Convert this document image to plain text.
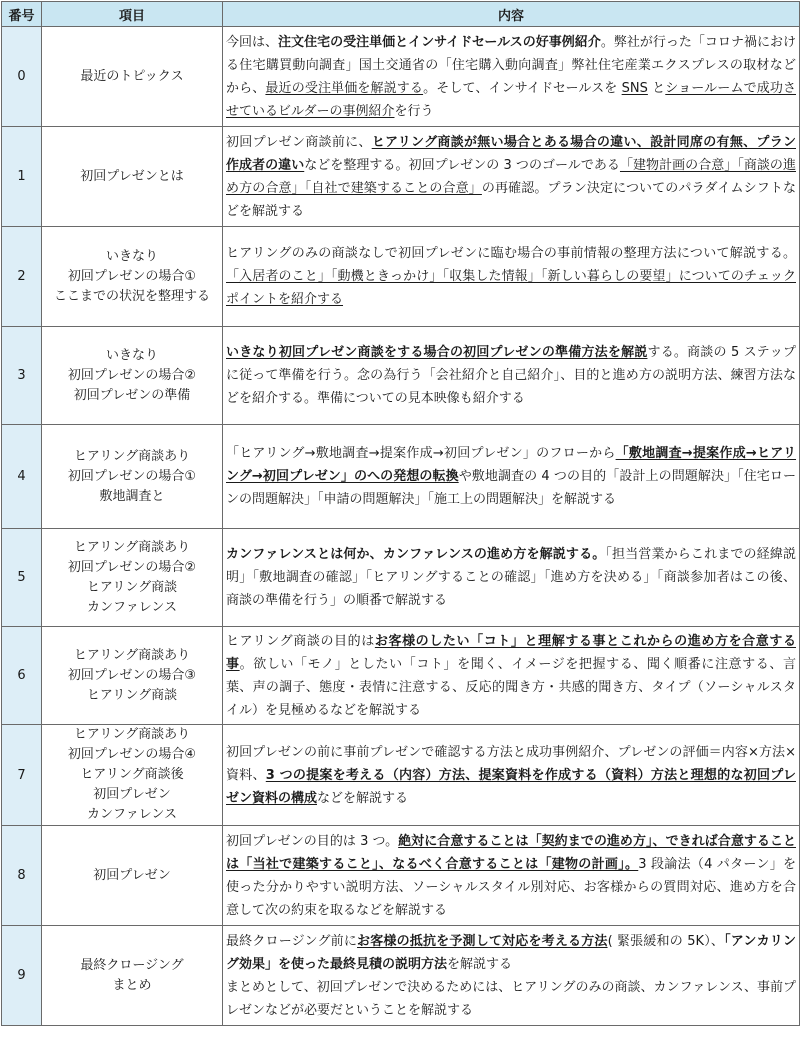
番号	項目	内容
0	最近のトピックス	今回は、注文住宅の受注単価とインサイドセールスの好事例紹介。弊社が行った「コロナ禍における住宅購買動向調査」国土交通省の「住宅購入動向調査」弊社住宅産業エクスプレスの取材などから、最近の受注単価を解説する。そして、インサイドセールスを SNS とショールームで成功させているビルダーの事例紹介を行う
1	初回プレゼンとは	初回プレゼン商談前に、ヒアリング商談が無い場合とある場合の違い、設計同席の有無、プラン作成者の違いなどを整理する。初回プレゼンの 3 つのゴールである「建物計画の合意」「商談の進め方の合意」「自社で建築することの合意」の再確認。プラン決定についてのパラダイムシフトなどを解説する
2	いきなり
初回プレゼンの場合①
ここまでの状況を整理する	ヒアリングのみの商談なしで初回プレゼンに臨む場合の事前情報の整理方法について解説する。「入居者のこと」「動機ときっかけ」「収集した情報」「新しい暮らしの要望」についてのチェックポイントを紹介する
3	いきなり
初回プレゼンの場合②
初回プレゼンの準備	いきなり初回プレゼン商談をする場合の初回プレゼンの準備方法を解説する。商談の 5 ステップに従って準備を行う。念の為行う「会社紹介と自己紹介」、目的と進め方の説明方法、練習方法などを紹介する。準備についての見本映像も紹介する
4	ヒアリング商談あり
初回プレゼンの場合①
敷地調査と	「ヒアリング→敷地調査→提案作成→初回プレゼン」のフローから「敷地調査→提案作成→ヒアリング→初回プレゼン」のへの発想の転換や敷地調査の 4 つの目的「設計上の問題解決」「住宅ローンの問題解決」「申請の問題解決」「施工上の問題解決」を解説する
5	ヒアリング商談あり
初回プレゼンの場合②
ヒアリング商談
カンファレンス	カンファレンスとは何か、カンファレンスの進め方を解説する。「担当営業からこれまでの経緯説明」「敷地調査の確認」「ヒアリングすることの確認」「進め方を決める」「商談参加者はこの後、商談の準備を行う」の順番で解説する
6	ヒアリング商談あり
初回プレゼンの場合③
ヒアリング商談	ヒアリング商談の目的はお客様のしたい「コト」と理解する事とこれからの進め方を合意する事。欲しい「モノ」としたい「コト」を聞く、イメージを把握する、聞く順番に注意する、言葉、声の調子、態度・表情に注意する、反応的聞き方・共感的聞き方、タイプ（ソーシャルスタイル）を見極めるなどを解説する
7	ヒアリング商談あり
初回プレゼンの場合④
ヒアリング商談後
初回プレゼン
カンファレンス	初回プレゼンの前に事前プレゼンで確認する方法と成功事例紹介、プレゼンの評価＝内容×方法×資料、3 つの提案を考える（内容）方法、提案資料を作成する（資料）方法と理想的な初回プレゼン資料の構成などを解説する
8	初回プレゼン	初回プレゼンの目的は 3 つ。絶対に合意することは「契約までの進め方」、できれば合意することは「当社で建築すること」、なるべく合意することは「建物の計画」。3 段論法（4 パターン」を使った分かりやすい説明方法、ソーシャルスタイル別対応、お客様からの質問対応、進め方を合意して次の約束を取るなどを解説する
9	最終クロージング
まとめ	最終クロージング前にお客様の抵抗を予測して対応を考える方法( 緊張緩和の 5K）、「アンカリング効果」を使った最終見積の説明方法を解説する
まとめとして、初回プレゼンで決めるためには、ヒアリングのみの商談、カンファレンス、事前プレゼンなどが必要だということを解説する
